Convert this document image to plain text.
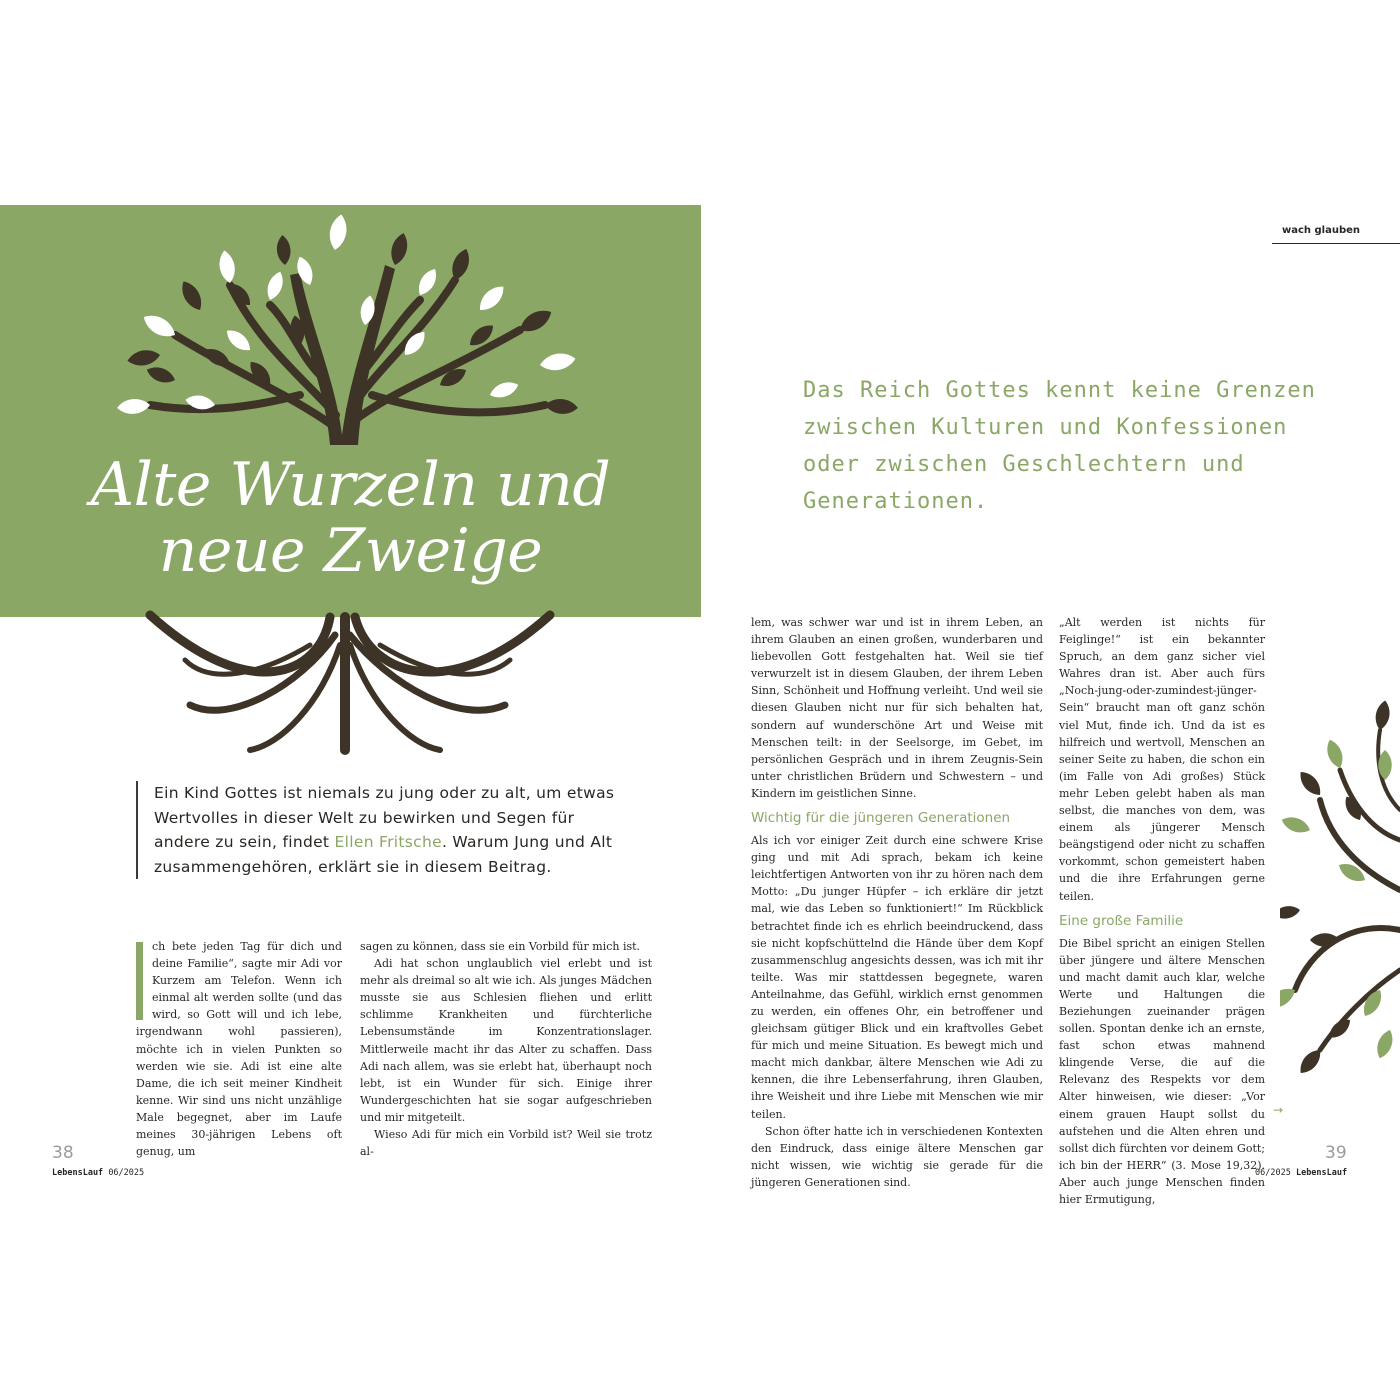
Alte Wurzeln und
neue Zweige
Ein Kind Gottes ist niemals zu jung oder zu alt, um etwas Wertvolles in dieser Welt zu bewirken und Segen für andere zu sein, findet Ellen Fritsche. Warum Jung und Alt zusammengehören, erklärt sie in diesem Beitrag.

ch bete jeden Tag für dich und deine Familie“, sagte mir Adi vor Kurzem am Telefon. Wenn ich einmal alt werden sollte (und das wird, so Gott will und ich lebe, irgendwann wohl passieren), möchte ich in vielen Punkten so werden wie sie. Adi ist eine alte Dame, die ich seit meiner Kindheit kenne. Wir sind uns nicht unzählige Male begegnet, aber im Laufe meines 30-jährigen Lebens oft genug, um

sagen zu können, dass sie ein Vorbild für mich ist.

Adi hat schon unglaublich viel erlebt und ist mehr als dreimal so alt wie ich. Als junges Mädchen musste sie aus Schlesien fliehen und erlitt schlimme Krankheiten und fürchterliche Lebensumstände im Konzentrationslager. Mittlerweile macht ihr das Alter zu schaffen. Dass Adi nach allem, was sie erlebt hat, überhaupt noch lebt, ist ein Wunder für sich. Einige ihrer Wundergeschichten hat sie sogar aufgeschrieben und mir mitgeteilt.

Wieso Adi für mich ein Vorbild ist? Weil sie trotz al-

Das Reich Gottes kennt keine Grenzen zwischen Kulturen und Konfessionen oder zwischen Geschlechtern und Generationen.

lem, was schwer war und ist in ihrem Leben, an ihrem Glauben an einen großen, wunderbaren und liebevollen Gott festgehalten hat. Weil sie tief verwurzelt ist in diesem Glauben, der ihrem Leben Sinn, Schönheit und Hoffnung verleiht. Und weil sie diesen Glauben nicht nur für sich behalten hat, sondern auf wunderschöne Art und Weise mit Menschen teilt: in der Seelsorge, im Gebet, im persönlichen Gespräch und in ihrem Zeugnis-Sein unter christlichen Brüdern und Schwestern – und Kindern im geistlichen Sinne.

Wichtig für die jüngeren Generationen

Als ich vor einiger Zeit durch eine schwere Krise ging und mit Adi sprach, bekam ich keine leichtfertigen Antworten von ihr zu hören nach dem Motto: „Du junger Hüpfer – ich erkläre dir jetzt mal, wie das Leben so funktioniert!“ Im Rückblick betrachtet finde ich es ehrlich beeindruckend, dass sie nicht kopfschüttelnd die Hände über dem Kopf zusammenschlug angesichts dessen, was ich mit ihr teilte. Was mir stattdessen begegnete, waren Anteilnahme, das Gefühl, wirklich ernst genommen zu werden, ein offenes Ohr, ein betroffener und gleichsam gütiger Blick und ein kraftvolles Gebet für mich und meine Situation. Es bewegt mich und macht mich dankbar, ältere Menschen wie Adi zu kennen, die ihre Lebenserfahrung, ihren Glauben, ihre Weisheit und ihre Liebe mit Menschen wie mir teilen.

Schon öfter hatte ich in verschiedenen Kontexten den Eindruck, dass einige ältere Menschen gar nicht wissen, wie wichtig sie gerade für die jüngeren Generationen sind.

„Alt werden ist nichts für Feiglinge!“ ist ein bekannter Spruch, an dem ganz sicher viel Wahres dran ist. Aber auch fürs „Noch-jung-oder-zumindest-jünger-Sein“ braucht man oft ganz schön viel Mut, finde ich. Und da ist es hilfreich und wertvoll, Menschen an seiner Seite zu haben, die schon ein (im Falle von Adi großes) Stück mehr Leben gelebt haben als man selbst, die manches von dem, was einem als jüngerer Mensch beängstigend oder nicht zu schaffen vorkommt, schon gemeistert haben und die ihre Erfahrungen gerne teilen.

Eine große Familie

Die Bibel spricht an einigen Stellen über jüngere und ältere Menschen und macht damit auch klar, welche Werte und Haltungen die Beziehungen zueinander prägen sollen. Spontan denke ich an ernste, fast schon etwas mahnend klingende Verse, die auf die Relevanz des Respekts vor dem Alter hinweisen, wie dieser: „Vor einem grauen Haupt sollst du aufstehen und die Alten ehren und sollst dich fürchten vor deinem Gott; ich bin der HERR“ (3. Mose 19,32). Aber auch junge Menschen finden hier Ermutigung,

wach glauben
→
38	39
LebensLauf 06/2025	06/2025 LebensLauf
